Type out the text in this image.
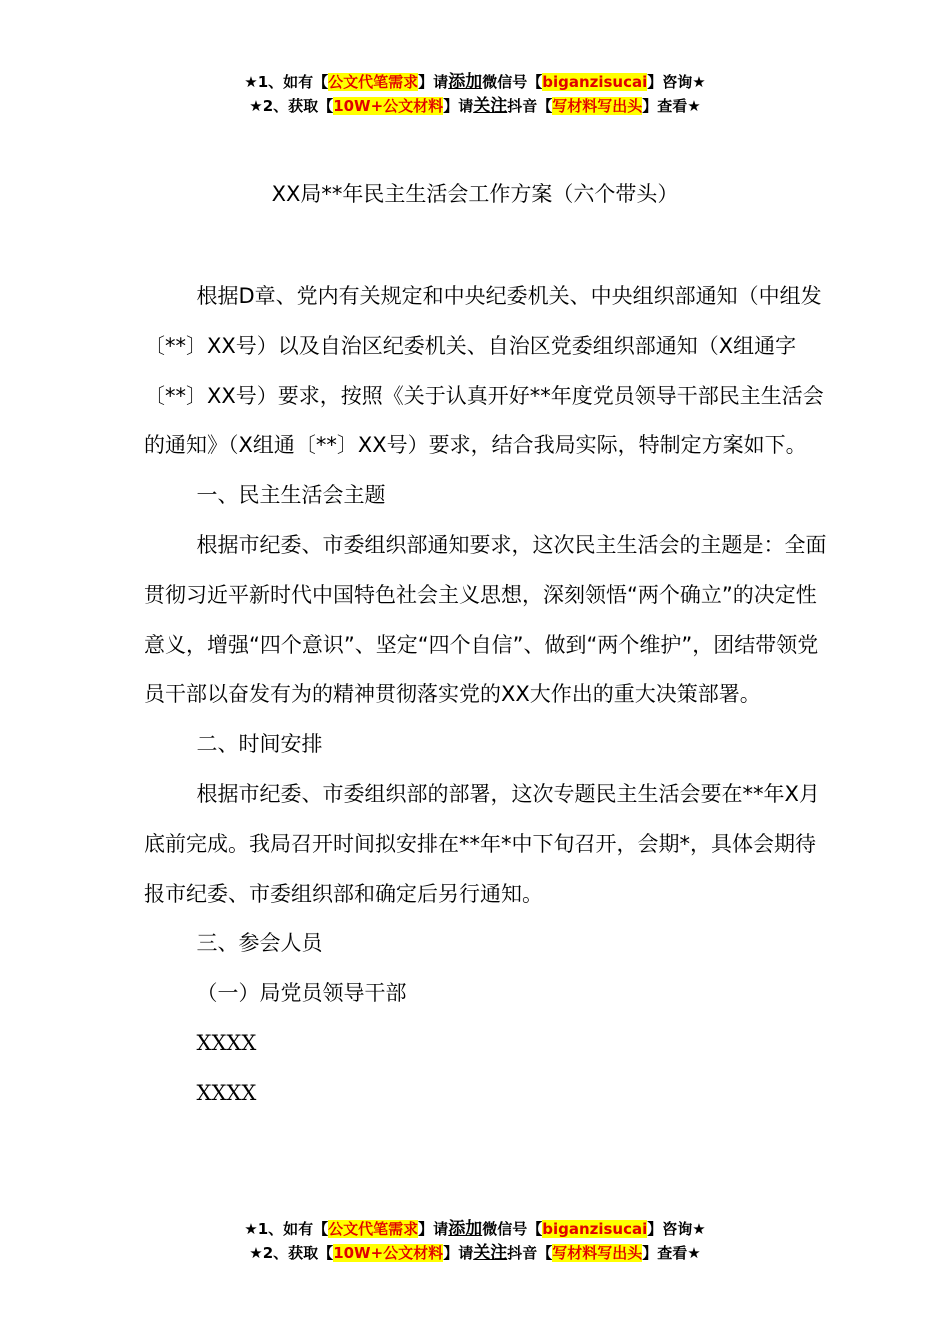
★1、如有【公文代笔需求】请添加微信号【biganzisucai】咨询★
★2、获取【10W+公文材料】请关注抖音【写材料写出头】查看★
XX局**年民主生活会工作方案（六个带头）

根据D章、党内有关规定和中央纪委机关、中央组织部通知（中组发〔**〕XX号）以及自治区纪委机关、自治区党委组织部通知（X组通字〔**〕XX号）要求，按照《关于认真开好**年度党员领导干部民主生活会的通知》（X组通〔**〕XX号）要求，结合我局实际，特制定方案如下。

一、民主生活会主题

根据市纪委、市委组织部通知要求，这次民主生活会的主题是：全面贯彻习近平新时代中国特色社会主义思想，深刻领悟“两个确立”的决定性意义，增强“四个意识”、坚定“四个自信”、做到“两个维护”，团结带领党员干部以奋发有为的精神贯彻落实党的XX大作出的重大决策部署。

二、时间安排

根据市纪委、市委组织部的部署，这次专题民主生活会要在**年X月底前完成。我局召开时间拟安排在**年*中下旬召开，会期*，具体会期待报市纪委、市委组织部和确定后另行通知。

三、参会人员

（一）局党员领导干部

XXXX

XXXX

★1、如有【公文代笔需求】请添加微信号【biganzisucai】咨询★
★2、获取【10W+公文材料】请关注抖音【写材料写出头】查看★
